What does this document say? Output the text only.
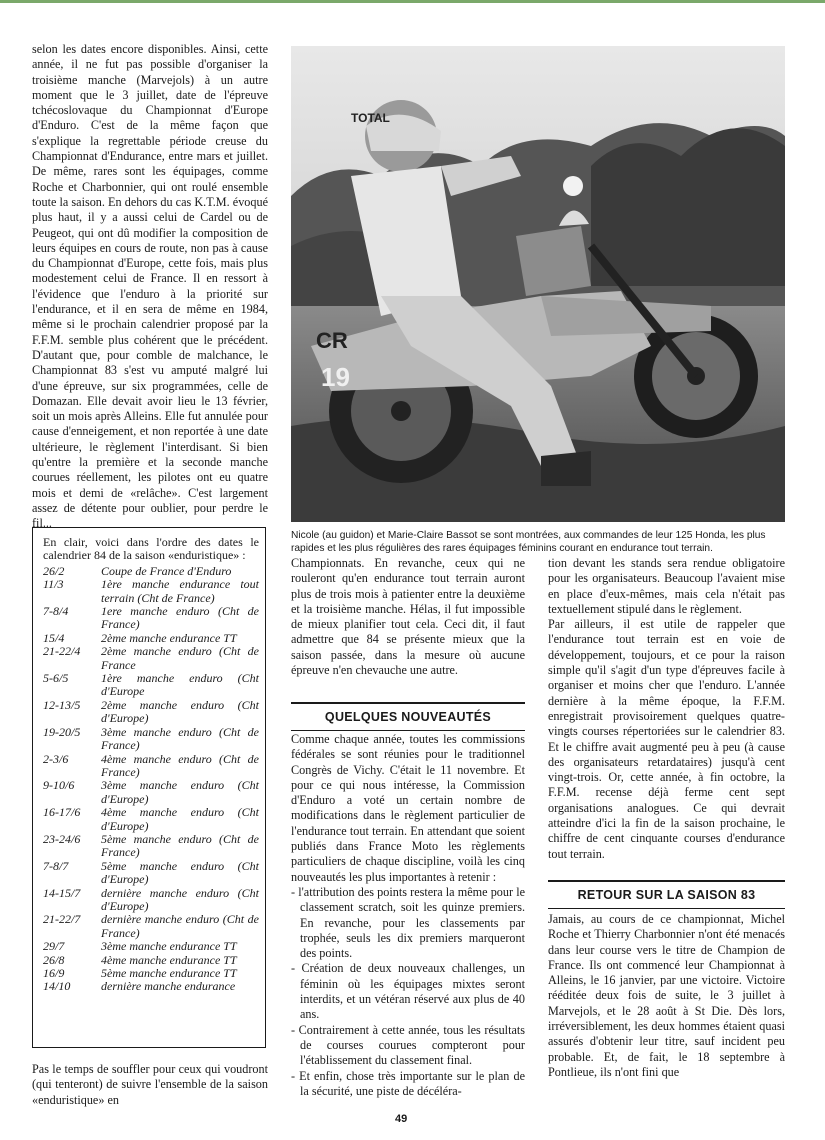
selon les dates encore disponibles. Ainsi, cette année, il ne fut pas possible d'organiser la troisième manche (Marvejols) à un autre moment que le 3 juillet, date de l'épreuve tchécoslovaque du Championnat d'Europe d'Enduro. C'est de la même façon que s'explique la regrettable période creuse du Championnat d'Endurance, entre mars et juillet. De même, rares sont les équipages, comme Roche et Charbonnier, qui ont roulé ensemble toute la saison. En dehors du cas K.T.M. évoqué plus haut, il y a aussi celui de Cardel ou de Peugeot, qui ont dû modifier la composition de leurs équipes en cours de route, non pas à cause du Championnat d'Europe, cette fois, mais plus modestement celui de France. Il en ressort à l'évidence que l'enduro à la priorité sur l'endurance, et il en sera de même en 1984, même si le prochain calendrier proposé par la F.F.M. semble plus cohérent que le précédent. D'autant que, pour comble de malchance, le Championnat 83 s'est vu amputé malgré lui d'une épreuve, sur six programmées, celle de Domazan. Elle devait avoir lieu le 13 février, soit un mois après Alleins. Elle fut annulée pour cause d'enneigement, et non reportée à une date ultérieure, le règlement l'interdisant. Si bien qu'entre la première et la seconde manche courues réellement, les pilotes ont eu quatre mois et demi de «relâche». C'est largement assez de détente pour oublier, pour perdre le fil...

TOTAL
CR
19
Nicole (au guidon) et Marie-Claire Bassot se sont montrées, aux commandes de leur 125 Honda, les plus rapides et les plus régulières des rares équipages féminins courant en endurance tout terrain.

En clair, voici dans l'ordre des dates le calendrier 84 de la saison «enduristique» :

26/2	Coupe de France d'Enduro
11/3	1ère manche endurance tout terrain (Cht de France)
7-8/4	1ere manche enduro (Cht de France)
15/4	2ème manche endurance TT
21-22/4	2ème manche enduro (Cht de France
5-6/5	1ère manche enduro (Cht d'Europe
12-13/5	2ème manche enduro (Cht d'Europe)
19-20/5	3ème manche enduro (Cht de France)
2-3/6	4ème manche enduro (Cht de France)
9-10/6	3ème manche enduro (Cht d'Europe)
16-17/6	4ème manche enduro (Cht d'Europe)
23-24/6	5ème manche enduro (Cht de France)
7-8/7	5ème manche enduro (Cht d'Europe)
14-15/7	dernière manche enduro (Cht d'Europe)
21-22/7	dernière manche enduro (Cht de France)
29/7	3ème manche endurance TT
26/8	4ème manche endurance TT
16/9	5ème manche endurance TT
14/10	dernière manche endurance

Pas le temps de souffler pour ceux qui voudront (qui tenteront) de suivre l'ensemble de la saison «enduristique» en

Championnats. En revanche, ceux qui ne rouleront qu'en endurance tout terrain auront plus de trois mois à patienter entre la deuxième et la troisième manche. Hélas, il fut impossible de mieux planifier tout cela. Ceci dit, il faut admettre que 84 se présente mieux que la saison passée, dans la mesure où aucune épreuve n'en chevauche une autre.

QUELQUES NOUVEAUTÉS

Comme chaque année, toutes les commissions fédérales se sont réunies pour le traditionnel Congrès de Vichy. C'était le 11 novembre. Et pour ce qui nous intéresse, la Commission d'Enduro a voté un certain nombre de modifications dans le règlement particulier de l'endurance tout terrain. En attendant que soient publiés dans France Moto les règlements particuliers de chaque discipline, voilà les cinq nouveautés les plus importantes à retenir :

- l'attribution des points restera la même pour le classement scratch, soit les quinze premiers. En revanche, pour les classements par trophée, seuls les dix premiers marqueront des points.
- Création de deux nouveaux challenges, un féminin où les équipages mixtes seront interdits, et un vétéran réservé aux plus de 40 ans.
- Contrairement à cette année, tous les résultats de courses courues compteront pour l'établissement du classement final.
- Et enfin, chose très importante sur le plan de la sécurité, une piste de décéléra-

tion devant les stands sera rendue obligatoire pour les organisateurs. Beaucoup l'avaient mise en place d'eux-mêmes, mais cela n'était pas textuellement stipulé dans le règlement.

Par ailleurs, il est utile de rappeler que l'endurance tout terrain est en voie de développement, toujours, et ce pour la raison simple qu'il s'agit d'un type d'épreuves facile à organiser et moins cher que l'enduro. L'année dernière à la même époque, la F.F.M. enregistrait provisoirement quelques quatre-vingts courses répertoriées sur le calendrier 83. Et le chiffre avait augmenté peu à peu (à cause des organisateurs retardataires) jusqu'à cent vingt-trois. Or, cette année, à fin octobre, la F.F.M. recense déjà ferme cent sept organisations analogues. Ce qui devrait atteindre d'ici la fin de la saison prochaine, le chiffre de cent cinquante courses d'endurance tout terrain.

RETOUR SUR LA SAISON 83

Jamais, au cours de ce championnat, Michel Roche et Thierry Charbonnier n'ont été menacés dans leur course vers le titre de Champion de France. Ils ont commencé leur Championnat à Alleins, le 16 janvier, par une victoire. Victoire rééditée deux fois de suite, le 3 juillet à Marvejols, et le 28 août à St Die. Dès lors, irréversiblement, les deux hommes étaient quasi assurés d'obtenir leur titre, sauf incident peu probable. Et, de fait, le 18 septembre à Pontlieue, ils n'ont fini que

49
